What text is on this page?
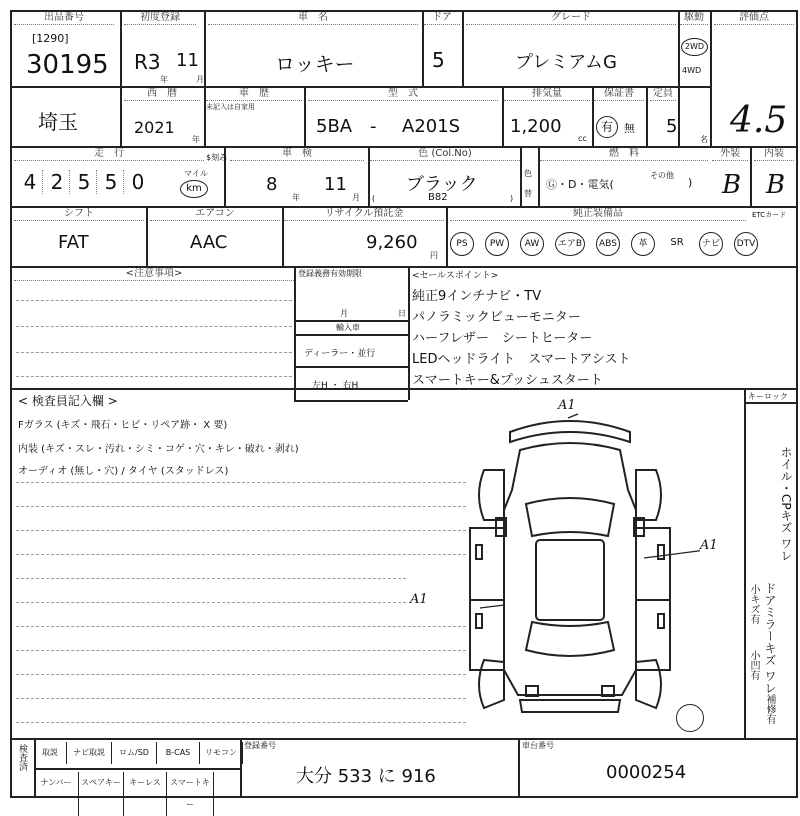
出品番号
[1290]
30195
初度登録
R3 11
年	月
車　名
ロッキー
ドア
5
グレード
プレミアムG
駆動
2WD
4WD
評価点
4.5
埼玉
西　暦
2021
年
車　歴
未記入は自家用
型　式
5BA - A201S
排気量
1,200
cc
保証書
有	無
定員
5
名
走　行
4 2 5 5 0	マイル
km
$刻み	車　検
8
年
11
月
色 (Col.No)
ブラック
(	B82	)
色
替
燃　料
Ⓖ・D・電気(
その他
)
外装
B
内装
B
シフト
FAT
エアコン
AAC
リサイクル預託金
9,260
円
純正装備品	ETCカード
PS	PW	AW	エアB	ABS	革	SR	ナビ	DTV
<注意事項>	登録義務有効期限
月	日
輸入車
ディーラー・並行
左H ・ 右H
<セールスポイント>
純正9インチナビ・TV
パノラミックビューモニター
ハーフレザー　シートヒーター
LEDヘッドライト　スマートアシスト
スマートキー&プッシュスタート
< 検査員記入欄 >
Fガラス (キズ・飛石・ヒビ・リペア跡・ X 要)
内装 (キズ・スレ・汚れ・シミ・コゲ・穴・キレ・破れ・剥れ)
オーディオ (無し・穴) / タイヤ (スタッドレス)
A1
A1
A1
キーロック
ホイル・CPキズ ワレ
ドアミラーキズ ワレ
小キズ有
小凹有
補修有
検査済	取説	ナビ取説	ロム/SD	B-CAS	リモコン
ナンバー	スペアキー	キーレス	スマートキー
登録番号
大分 533 に 916
車台番号
0000254
